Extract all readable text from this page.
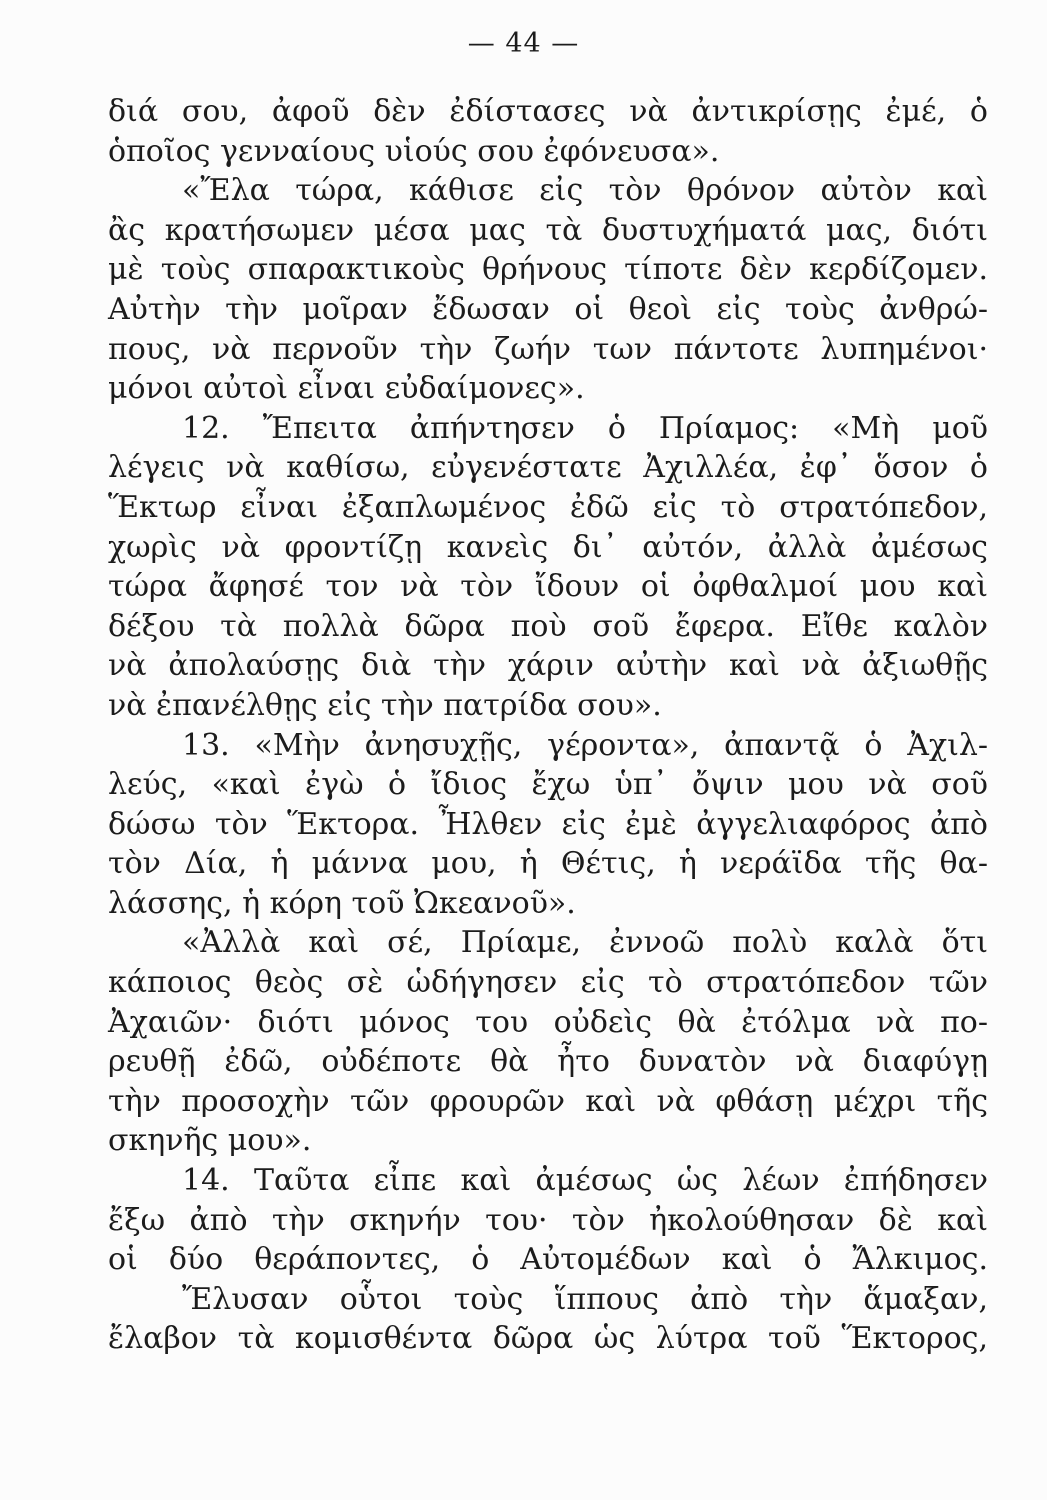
— 44 —
διά σου, ἀφοῦ δὲν ἐδίστασες νὰ ἀντικρίσῃς ἐμέ, ὁ
ὁποῖος γενναίους υἱούς σου ἐφόνευσα».
«Ἔλα τώρα, κάθισε εἰς τὸν θρόνον αὐτὸν καὶ
ἂς κρατήσωμεν μέσα μας τὰ δυστυχήματά μας, διότι
μὲ τοὺς σπαρακτικοὺς θρήνους τίποτε δὲν κερδίζομεν.
Αὐτὴν τὴν μοῖραν ἔδωσαν οἱ θεοὶ εἰς τοὺς ἀνθρώ-
πους, νὰ περνοῦν τὴν ζωήν των πάντοτε λυπημένοι·
μόνοι αὐτοὶ εἶναι εὐδαίμονες».
12. Ἔπειτα ἀπήντησεν ὁ Πρίαμος: «Μὴ μοῦ
λέγεις νὰ καθίσω, εὐγενέστατε Ἀχιλλέα, ἐφ᾽ ὅσον ὁ
Ἕκτωρ εἶναι ἐξαπλωμένος ἐδῶ εἰς τὸ στρατόπεδον,
χωρὶς νὰ φροντίζῃ κανεὶς δι᾽ αὐτόν, ἀλλὰ ἀμέσως
τώρα ἄφησέ τον νὰ τὸν ἴδουν οἱ ὀφθαλμοί μου καὶ
δέξου τὰ πολλὰ δῶρα ποὺ σοῦ ἔφερα. Εἴθε καλὸν
νὰ ἀπολαύσῃς διὰ τὴν χάριν αὐτὴν καὶ νὰ ἀξιωθῇς
νὰ ἐπανέλθῃς εἰς τὴν πατρίδα σου».
13. «Μὴν ἀνησυχῇς, γέροντα», ἀπαντᾷ ὁ Ἀχιλ-
λεύς, «καὶ ἐγὼ ὁ ἴδιος ἔχω ὑπ᾽ ὄψιν μου νὰ σοῦ
δώσω τὸν Ἕκτορα. Ἦλθεν εἰς ἐμὲ ἀγγελιαφόρος ἀπὸ
τὸν Δία, ἡ μάννα μου, ἡ Θέτις, ἡ νεράϊδα τῆς θα-
λάσσης, ἡ κόρη τοῦ Ὠκεανοῦ».
«Ἀλλὰ καὶ σέ, Πρίαμε, ἐννοῶ πολὺ καλὰ ὅτι
κάποιος θεὸς σὲ ὡδήγησεν εἰς τὸ στρατόπεδον τῶν
Ἀχαιῶν· διότι μόνος του οὐδεὶς θὰ ἐτόλμα νὰ πο-
ρευθῇ ἐδῶ, οὐδέποτε θὰ ἦτο δυνατὸν νὰ διαφύγῃ
τὴν προσοχὴν τῶν φρουρῶν καὶ νὰ φθάσῃ μέχρι τῆς
σκηνῆς μου».
14. Ταῦτα εἶπε καὶ ἀμέσως ὡς λέων ἐπήδησεν
ἔξω ἀπὸ τὴν σκηνήν του· τὸν ἠκολούθησαν δὲ καὶ
οἱ δύο θεράποντες, ὁ Αὐτομέδων καὶ ὁ Ἄλκιμος.
Ἔλυσαν οὗτοι τοὺς ἵππους ἀπὸ τὴν ἅμαξαν,
ἔλαβον τὰ κομισθέντα δῶρα ὡς λύτρα τοῦ Ἕκτορος,
